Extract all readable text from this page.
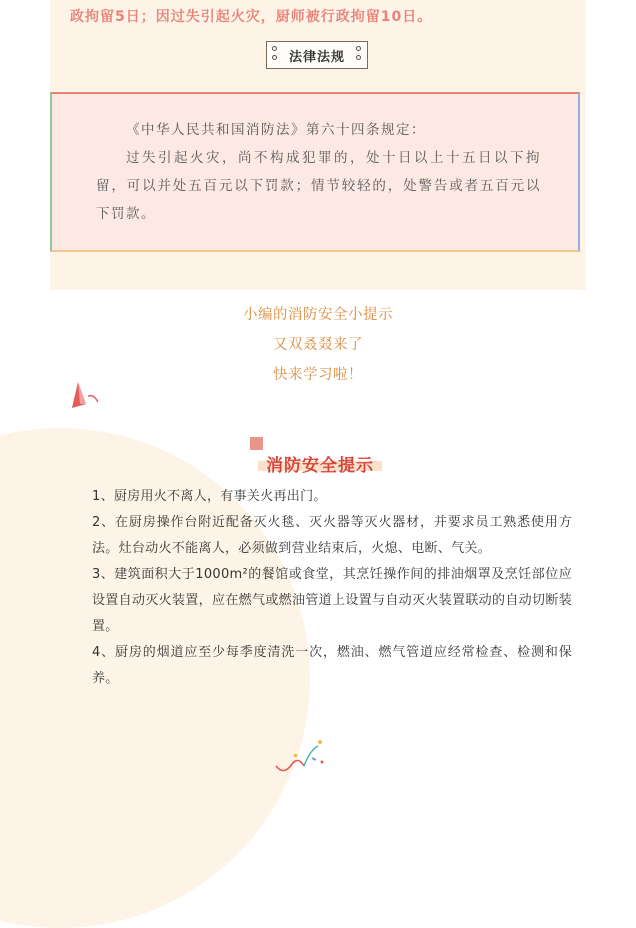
政拘留5日；因过失引起火灾，厨师被行政拘留10日。
法律法规
《中华人民共和国消防法》第六十四条规定：
过失引起火灾，尚不构成犯罪的，处十日以上十五日以下拘留，可以并处五百元以下罚款；情节较轻的，处警告或者五百元以下罚款。
小编的消防安全小提示
又双叒叕来了
快来学习啦！
消防安全提示

1、厨房用火不离人，有事关火再出门。

2、在厨房操作台附近配备灭火毯、灭火器等灭火器材，并要求员工熟悉使用方法。灶台动火不能离人，必须做到营业结束后，火熄、电断、气关。

3、建筑面积大于1000m²的餐馆或食堂，其烹饪操作间的排油烟罩及烹饪部位应设置自动灭火装置，应在燃气或燃油管道上设置与自动灭火装置联动的自动切断装置。

4、厨房的烟道应至少每季度清洗一次，燃油、燃气管道应经常检查、检测和保养。
